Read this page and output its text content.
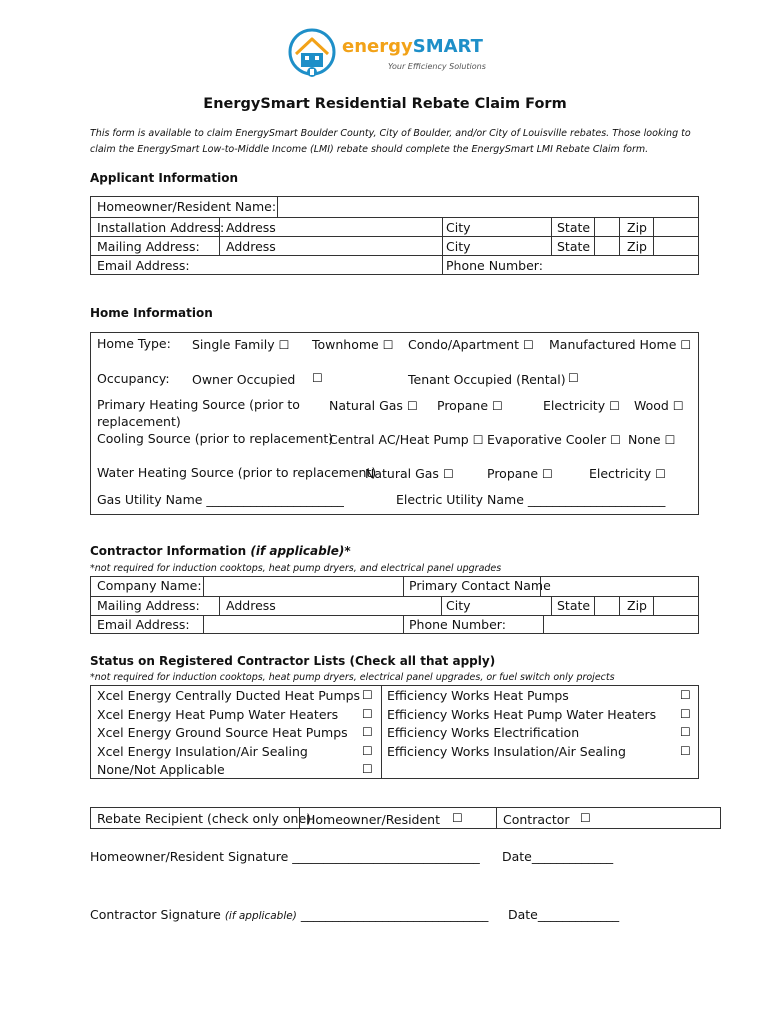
energySMART
Your Efficiency Solutions
EnergySmart Residential Rebate Claim Form
This form is available to claim EnergySmart Boulder County, City of Boulder, and/or City of Louisville rebates. Those looking to
claim the EnergySmart Low-to-Middle Income (LMI) rebate should complete the EnergySmart LMI Rebate Claim form.
Applicant Information
Homeowner/Resident Name:
Installation Address: Address	City	State	Zip
Mailing Address: Address	City	State	Zip
Email Address:	Phone Number:
Home Information
Home Type: Single Family ☐ Townhome ☐ Condo/Apartment ☐ Manufactured Home ☐
Occupancy: Owner Occupied ☐	Tenant Occupied (Rental) ☐
Primary Heating Source (prior to
replacement)
Natural Gas ☐ Propane ☐	Electricity ☐ Wood ☐
Cooling Source (prior to replacement)
Central AC/Heat Pump ☐ Evaporative Cooler ☐ None ☐
Water Heating Source (prior to replacement)
Natural Gas ☐	Propane ☐	Electricity ☐
Gas Utility Name ______________________	Electric Utility Name ______________________
Contractor Information (if applicable)*
*not required for induction cooktops, heat pump dryers, and electrical panel upgrades
Company Name:	Primary Contact Name
Mailing Address: Address	City	State	Zip
Email Address:	Phone Number:
Status on Registered Contractor Lists (Check all that apply)
*not required for induction cooktops, heat pump dryers, electrical panel upgrades, or fuel switch only projects
Xcel Energy Centrally Ducted Heat Pumps ☐
Xcel Energy Heat Pump Water Heaters ☐
Xcel Energy Ground Source Heat Pumps ☐
Xcel Energy Insulation/Air Sealing	☐
None/Not Applicable	☐
Efficiency Works Heat Pumps	☐
Efficiency Works Heat Pump Water Heaters ☐
Efficiency Works Electrification	☐
Efficiency Works Insulation/Air Sealing	☐
Rebate Recipient (check only one):
Homeowner/Resident ☐	Contractor ☐
Homeowner/Resident Signature ______________________________ Date_____________
Contractor Signature (if applicable) ______________________________ Date_____________
